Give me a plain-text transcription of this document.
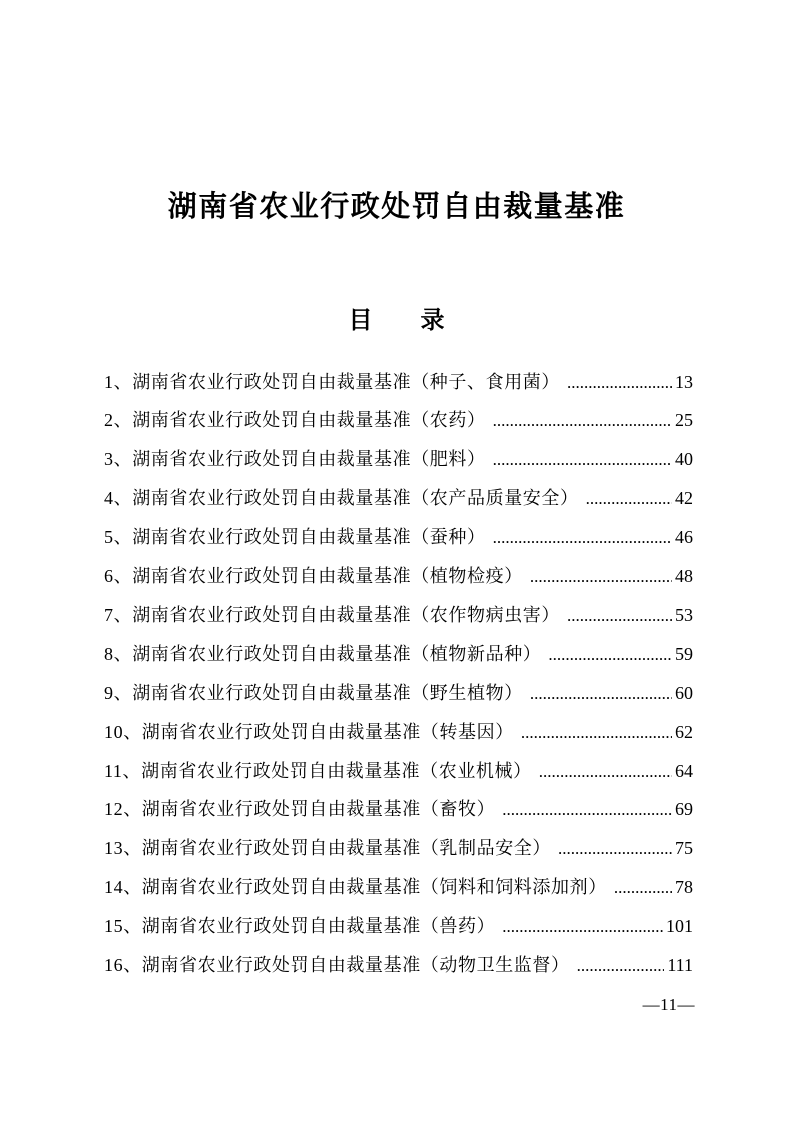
湖南省农业行政处罚自由裁量基准
目　　录
1、湖南省农业行政处罚自由裁量基准（种子、食用菌） .....	13
2、湖南省农业行政处罚自由裁量基准（农药） .....	25
3、湖南省农业行政处罚自由裁量基准（肥料） .....	40
4、湖南省农业行政处罚自由裁量基准（农产品质量安全） .....	42
5、湖南省农业行政处罚自由裁量基准（蚕种） .....	46
6、湖南省农业行政处罚自由裁量基准（植物检疫） .....	48
7、湖南省农业行政处罚自由裁量基准（农作物病虫害） .....	53
8、湖南省农业行政处罚自由裁量基准（植物新品种） .....	59
9、湖南省农业行政处罚自由裁量基准（野生植物） .....	60
10、湖南省农业行政处罚自由裁量基准（转基因） .....	62
11、湖南省农业行政处罚自由裁量基准（农业机械） .....	64
12、湖南省农业行政处罚自由裁量基准（畜牧） .....	69
13、湖南省农业行政处罚自由裁量基准（乳制品安全） .....	75
14、湖南省农业行政处罚自由裁量基准（饲料和饲料添加剂） .....	78
15、湖南省农业行政处罚自由裁量基准（兽药） .....	101
16、湖南省农业行政处罚自由裁量基准（动物卫生监督） .....	111
—11—
